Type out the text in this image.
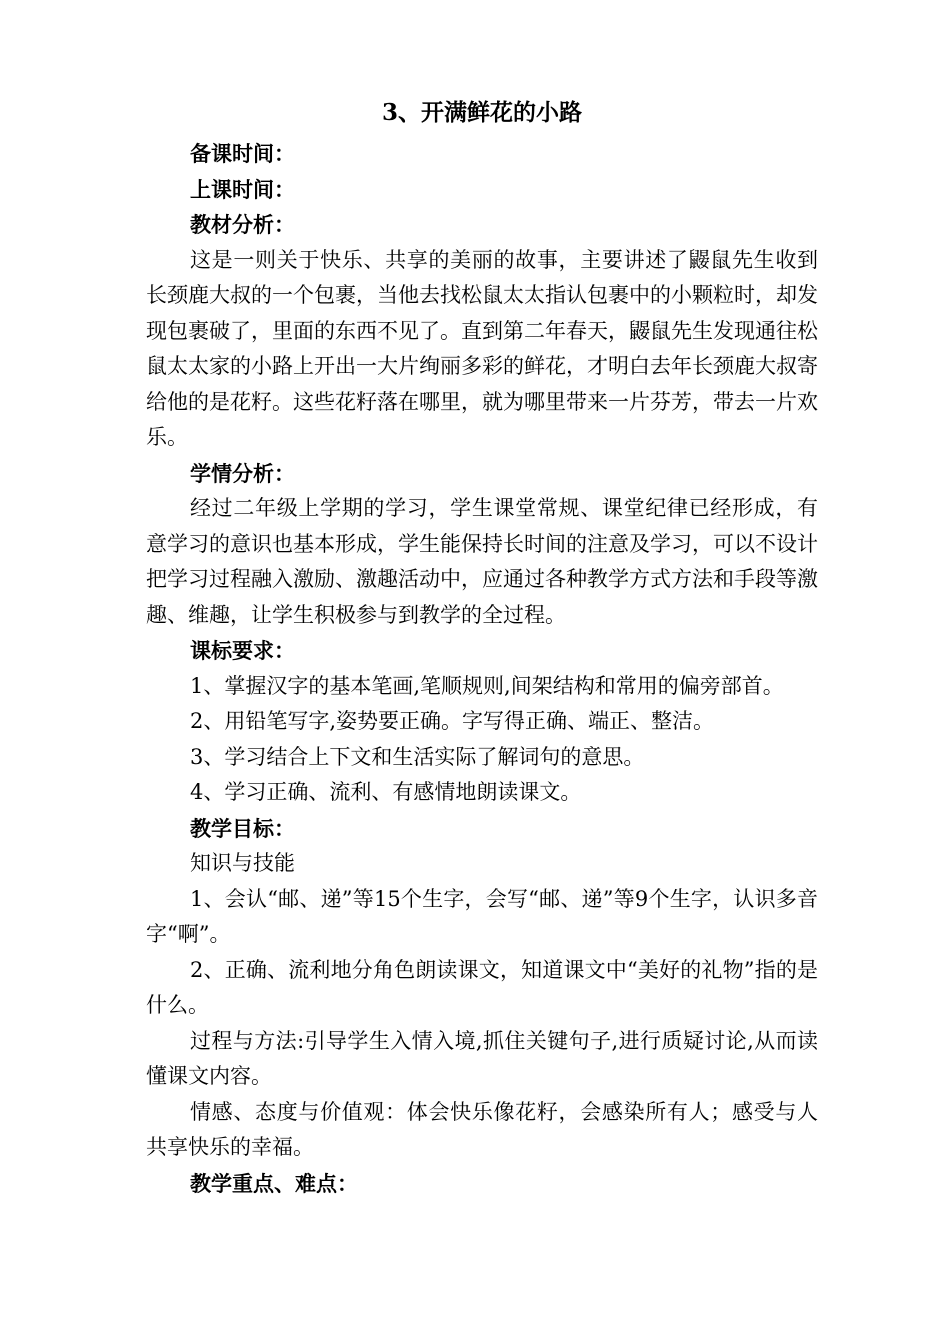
3、开满鲜花的小路

备课时间：

上课时间：

教材分析：

这是一则关于快乐、共享的美丽的故事，主要讲述了鼹鼠先生收到长颈鹿大叔的一个包裹，当他去找松鼠太太指认包裹中的小颗粒时，却发现包裹破了，里面的东西不见了。直到第二年春天，鼹鼠先生发现通往松鼠太太家的小路上开出一大片绚丽多彩的鲜花，才明白去年长颈鹿大叔寄给他的是花籽。这些花籽落在哪里，就为哪里带来一片芬芳，带去一片欢乐。

学情分析：

经过二年级上学期的学习，学生课堂常规、课堂纪律已经形成，有意学习的意识也基本形成，学生能保持长时间的注意及学习，可以不设计把学习过程融入激励、激趣活动中，应通过各种教学方式方法和手段等激趣、维趣，让学生积极参与到教学的全过程。

课标要求：

1、掌握汉字的基本笔画,笔顺规则,间架结构和常用的偏旁部首。

2、用铅笔写字,姿势要正确。字写得正确、端正、整洁。

3、学习结合上下文和生活实际了解词句的意思。

4、学习正确、流利、有感情地朗读课文。

教学目标：

知识与技能

1、会认“邮、递”等15个生字，会写“邮、递”等9个生字，认识多音字“啊”。

2、正确、流利地分角色朗读课文，知道课文中“美好的礼物”指的是什么。

过程与方法:引导学生入情入境,抓住关键句子,进行质疑讨论,从而读懂课文内容。

情感、态度与价值观：体会快乐像花籽，会感染所有人；感受与人共享快乐的幸福。

教学重点、难点：
